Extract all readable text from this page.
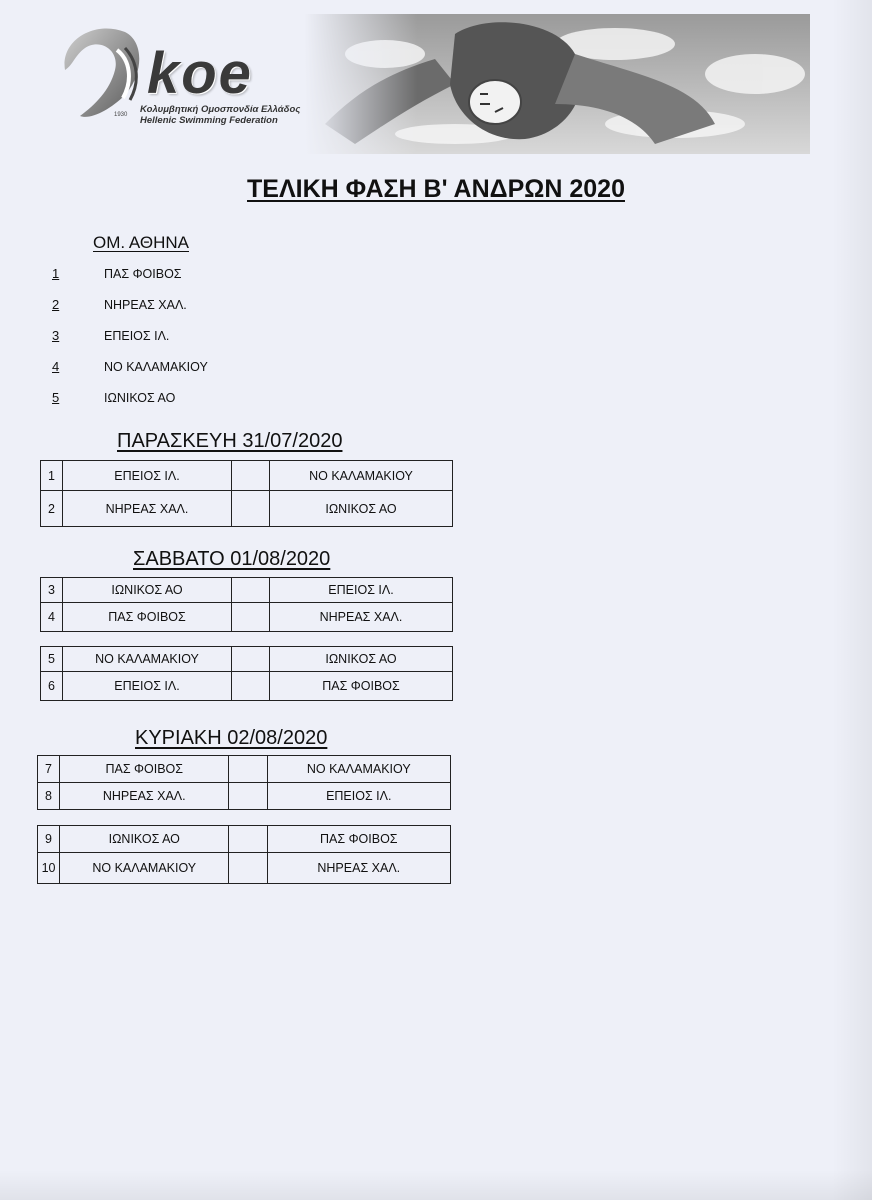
koe
1930 Κολυμβητική Ομοσπονδία Ελλάδος
Hellenic Swimming Federation
ΤΕΛΙΚΗ ΦΑΣΗ Β' ΑΝΔΡΩΝ 2020
ΟΜ. ΑΘΗΝΑ
1	ΠΑΣ ΦΟΙΒΟΣ
2	ΝΗΡΕΑΣ ΧΑΛ.
3	ΕΠΕΙΟΣ ΙΛ.
4	ΝΟ ΚΑΛΑΜΑΚΙΟΥ
5	ΙΩΝΙΚΟΣ ΑΟ
ΠΑΡΑΣΚΕΥΗ 31/07/2020
1	ΕΠΕΙΟΣ ΙΛ.		ΝΟ ΚΑΛΑΜΑΚΙΟΥ
2	ΝΗΡΕΑΣ ΧΑΛ.		ΙΩΝΙΚΟΣ ΑΟ
ΣΑΒΒΑΤΟ 01/08/2020
3	ΙΩΝΙΚΟΣ ΑΟ		ΕΠΕΙΟΣ ΙΛ.
4	ΠΑΣ ΦΟΙΒΟΣ		ΝΗΡΕΑΣ ΧΑΛ.
5	ΝΟ ΚΑΛΑΜΑΚΙΟΥ		ΙΩΝΙΚΟΣ ΑΟ
6	ΕΠΕΙΟΣ ΙΛ.		ΠΑΣ ΦΟΙΒΟΣ
ΚΥΡΙΑΚΗ 02/08/2020
7	ΠΑΣ ΦΟΙΒΟΣ		ΝΟ ΚΑΛΑΜΑΚΙΟΥ
8	ΝΗΡΕΑΣ ΧΑΛ.		ΕΠΕΙΟΣ ΙΛ.
9	ΙΩΝΙΚΟΣ ΑΟ		ΠΑΣ ΦΟΙΒΟΣ
10	ΝΟ ΚΑΛΑΜΑΚΙΟΥ		ΝΗΡΕΑΣ ΧΑΛ.
